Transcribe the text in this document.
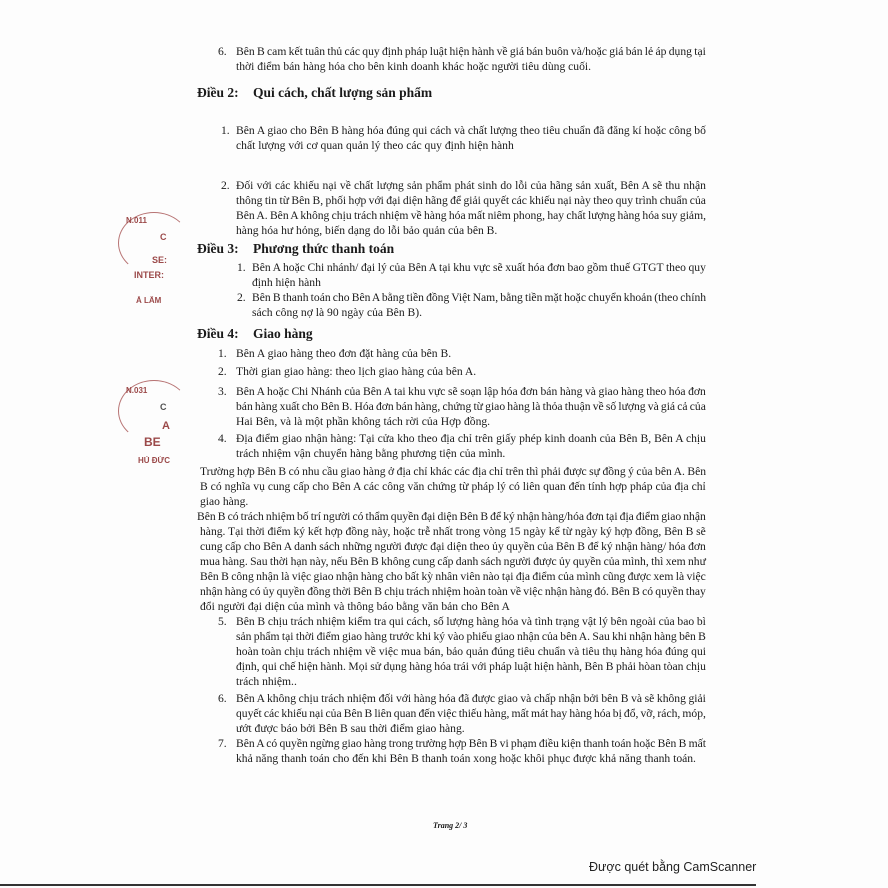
6. Bên B cam kết tuân thủ các quy định pháp luật hiện hành về giá bán buôn và/hoặc giá bán lẻ áp dụng tại
thời điểm bán hàng hóa cho bên kinh doanh khác hoặc người tiêu dùng cuối.
Điều 2: Qui cách, chất lượng sản phẩm
1. Bên A giao cho Bên B hàng hóa đúng qui cách và chất lượng theo tiêu chuẩn đã đăng kí hoặc công bố
chất lượng với cơ quan quản lý theo các quy định hiện hành
2. Đối với các khiếu nại về chất lượng sản phẩm phát sinh do lỗi của hãng sản xuất, Bên A sẽ thu nhận
thông tin từ Bên B, phối hợp với đại diện hãng để giải quyết các khiếu nại này theo quy trình chuẩn của
Bên A. Bên A không chịu trách nhiệm về hàng hóa mất niêm phong, hay chất lượng hàng hóa suy giảm,
hàng hóa hư hỏng, biến dạng do lỗi bảo quản của bên B.
Điều 3: Phương thức thanh toán
1. Bên A hoặc Chi nhánh/ đại lý của Bên A tại khu vực sẽ xuất hóa đơn bao gồm thuế GTGT theo quy
định hiện hành
2. Bên B thanh toán cho Bên A bằng tiền đồng Việt Nam, bằng tiền mặt hoặc chuyển khoản (theo chính
sách công nợ là 90 ngày của Bên B).
Điều 4: Giao hàng
1. Bên A giao hàng theo đơn đặt hàng của bên B.
2. Thời gian giao hàng: theo lịch giao hàng của bên A.
3. Bên A hoặc Chi Nhánh của Bên A tai khu vực sẽ soạn lập hóa đơn bán hàng và giao hàng theo hóa đơn
bán hàng xuất cho Bên B. Hóa đơn bán hàng, chứng từ giao hàng là thỏa thuận về số lượng và giá cả của
Hai Bên, và là một phần không tách rời của Hợp đồng.
4. Địa điểm giao nhận hàng: Tại cửa kho theo địa chỉ trên giấy phép kinh doanh của Bên B, Bên A chịu
trách nhiệm vận chuyển hàng bằng phương tiện của mình.
Trường hợp Bên B có nhu cầu giao hàng ở địa chỉ khác các địa chỉ trên thì phải được sự đồng ý của bên A. Bên
B có nghĩa vụ cung cấp cho Bên A các công văn chứng từ pháp lý có liên quan đến tính hợp pháp của địa chỉ
giao hàng.
Bên B có trách nhiệm bố trí người có thẩm quyền đại diện Bên B để ký nhận hàng/hóa đơn tại địa điểm giao nhận
hàng. Tại thời điểm ký kết hợp đồng này, hoặc trễ nhất trong vòng 15 ngày kể từ ngày ký hợp đồng, Bên B sẽ
cung cấp cho Bên A danh sách những người được đại diện theo ủy quyền của Bên B để ký nhận hàng/ hóa đơn
mua hàng. Sau thời hạn này, nếu Bên B không cung cấp danh sách người được ủy quyền của mình, thì xem như
Bên B công nhận là việc giao nhận hàng cho bất kỳ nhân viên nào tại địa điểm của mình cũng được xem là việc
nhận hàng có ủy quyền đồng thời Bên B chịu trách nhiệm hoàn toàn về việc nhận hàng đó. Bên B có quyền thay
đổi người đại diện của mình và thông báo bằng văn bản cho Bên A
5. Bên B chịu trách nhiệm kiểm tra qui cách, số lượng hàng hóa và tình trạng vật lý bên ngoài của bao bì
sản phẩm tại thời điểm giao hàng trước khi ký vào phiếu giao nhận của bên A. Sau khi nhận hàng bên B
hoàn toàn chịu trách nhiệm về việc mua bán, bảo quản đúng tiêu chuẩn và tiêu thụ hàng hóa đúng qui
định, qui chế hiện hành. Mọi sử dụng hàng hóa trái với pháp luật hiện hành, Bên B phải hòan tòan chịu
trách nhiệm..
6. Bên A không chịu trách nhiệm đối với hàng hóa đã được giao và chấp nhận bởi bên B và sẽ không giải
quyết các khiếu nại của Bên B liên quan đến việc thiếu hàng, mất mát hay hàng hóa bị đổ, vỡ, rách, móp,
ướt được báo bởi Bên B sau thời điểm giao hàng.
7. Bên A có quyền ngừng giao hàng trong trường hợp Bên B vi phạm điều kiện thanh toán hoặc Bên B mất
khả năng thanh toán cho đến khi Bên B thanh toán xong hoặc khôi phục được khả năng thanh toán.
N.011
C
SE:
INTER:
Ă LÂM
N.031
C
A
BE
HỦ ĐỨC
Trang 2/ 3
Được quét bằng CamScanner
